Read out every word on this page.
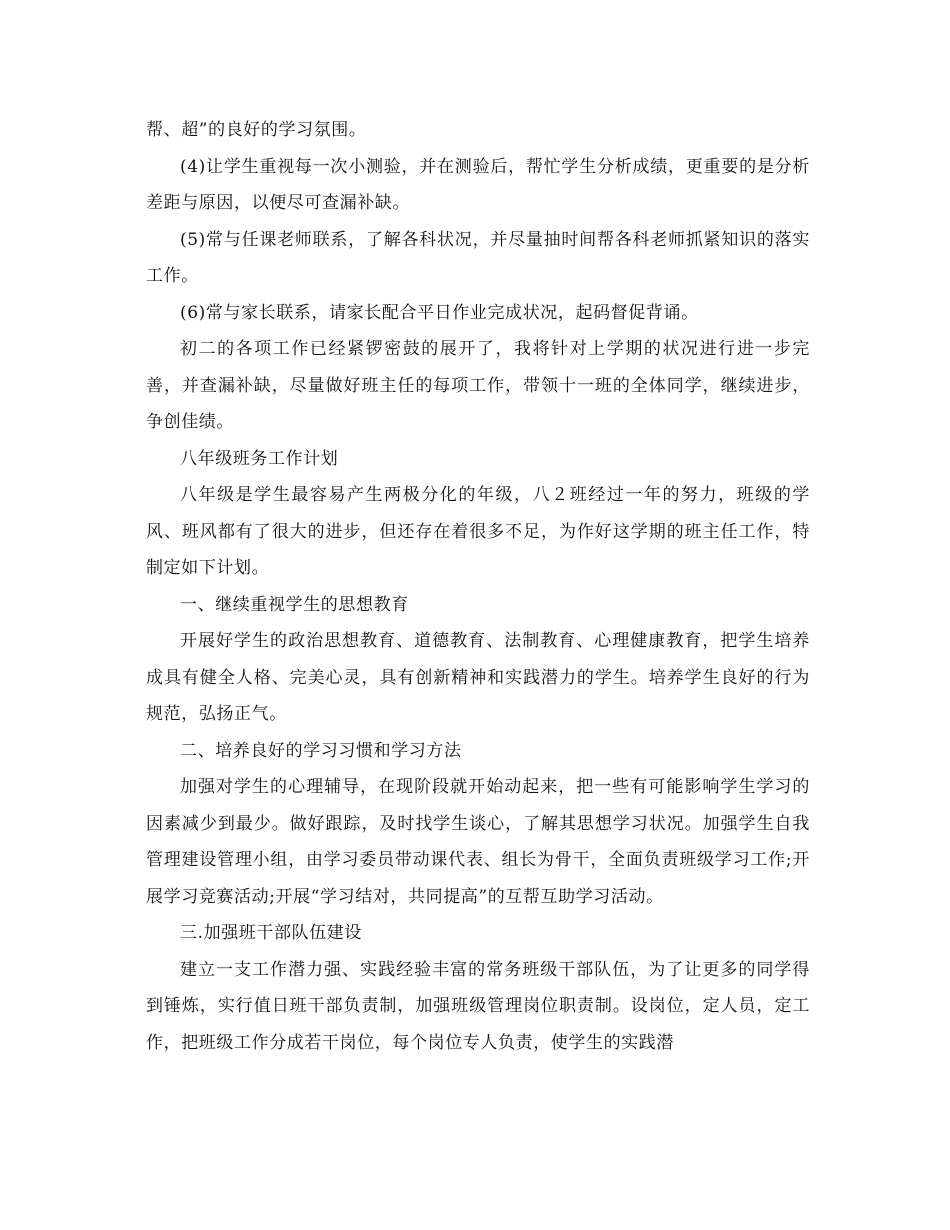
帮、超”的良好的学习氛围。

(4)让学生重视每一次小测验，并在测验后，帮忙学生分析成绩，更重要的是分析差距与原因，以便尽可查漏补缺。

(5)常与任课老师联系，了解各科状况，并尽量抽时间帮各科老师抓紧知识的落实工作。

(6)常与家长联系，请家长配合平日作业完成状况，起码督促背诵。

初二的各项工作已经紧锣密鼓的展开了，我将针对上学期的状况进行进一步完善，并查漏补缺，尽量做好班主任的每项工作，带领十一班的全体同学，继续进步，争创佳绩。

八年级班务工作计划

八年级是学生最容易产生两极分化的年级，八２班经过一年的努力，班级的学风、班风都有了很大的进步，但还存在着很多不足，为作好这学期的班主任工作，特制定如下计划。

一、继续重视学生的思想教育

开展好学生的政治思想教育、道德教育、法制教育、心理健康教育，把学生培养成具有健全人格、完美心灵，具有创新精神和实践潜力的学生。培养学生良好的行为规范，弘扬正气。

二、培养良好的学习习惯和学习方法

加强对学生的心理辅导，在现阶段就开始动起来，把一些有可能影响学生学习的因素减少到最少。做好跟踪，及时找学生谈心，了解其思想学习状况。加强学生自我管理建设管理小组，由学习委员带动课代表、组长为骨干，全面负责班级学习工作;开展学习竞赛活动;开展“学习结对，共同提高”的互帮互助学习活动。

三.加强班干部队伍建设

建立一支工作潜力强、实践经验丰富的常务班级干部队伍，为了让更多的同学得到锤炼，实行值日班干部负责制，加强班级管理岗位职责制。设岗位，定人员，定工作，把班级工作分成若干岗位，每个岗位专人负责，使学生的实践潜
